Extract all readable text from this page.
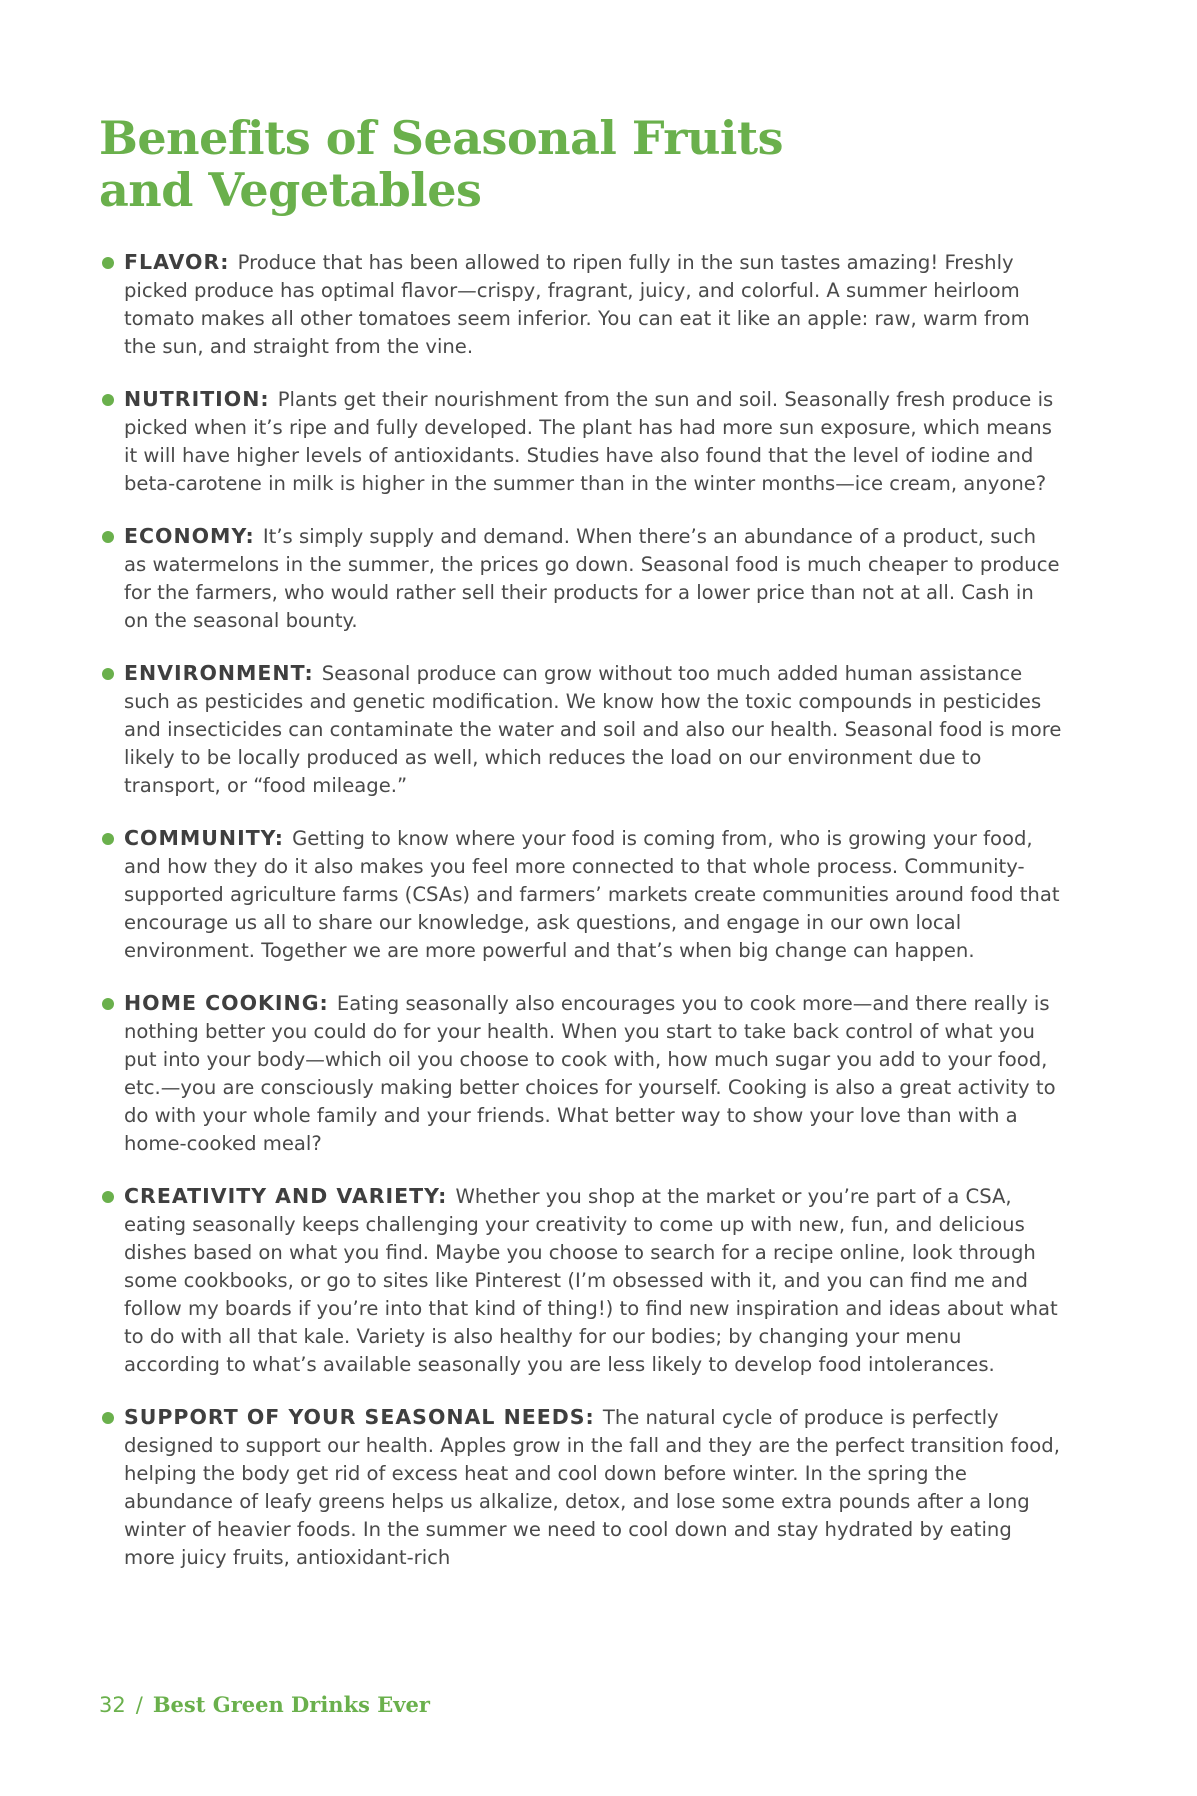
Benefits of Seasonal Fruits
and Vegetables
FLAVOR: Produce that has been allowed to ripen fully in the sun tastes amazing! Freshly picked produce has optimal flavor—crispy, fragrant, juicy, and colorful. A summer heirloom tomato makes all other tomatoes seem inferior. You can eat it like an apple: raw, warm from the sun, and straight from the vine.
NUTRITION: Plants get their nourishment from the sun and soil. Seasonally fresh produce is picked when it’s ripe and fully developed. The plant has had more sun exposure, which means it will have higher levels of antioxidants. Studies have also found that the level of iodine and beta-carotene in milk is higher in the summer than in the winter months—ice cream, anyone?
ECONOMY: It’s simply supply and demand. When there’s an abundance of a product, such as watermelons in the summer, the prices go down. Seasonal food is much cheaper to produce for the farmers, who would rather sell their products for a lower price than not at all. Cash in on the seasonal bounty.
ENVIRONMENT: Seasonal produce can grow without too much added human assistance such as pesticides and genetic modification. We know how the toxic compounds in pesticides and insecticides can contaminate the water and soil and also our health. Seasonal food is more likely to be locally produced as well, which reduces the load on our environment due to transport, or “food mileage.”
COMMUNITY: Getting to know where your food is coming from, who is growing your food, and how they do it also makes you feel more connected to that whole process. Community-supported agriculture farms (CSAs) and farmers’ markets create communities around food that encourage us all to share our knowledge, ask questions, and engage in our own local environment. Together we are more powerful and that’s when big change can happen.
HOME COOKING: Eating seasonally also encourages you to cook more—and there really is nothing better you could do for your health. When you start to take back control of what you put into your body—which oil you choose to cook with, how much sugar you add to your food, etc.—you are consciously making better choices for yourself. Cooking is also a great activity to do with your whole family and your friends. What better way to show your love than with a home-cooked meal?
CREATIVITY AND VARIETY: Whether you shop at the market or you’re part of a CSA, eating seasonally keeps challenging your creativity to come up with new, fun, and delicious dishes based on what you find. Maybe you choose to search for a recipe online, look through some cookbooks, or go to sites like Pinterest (I’m obsessed with it, and you can find me and follow my boards if you’re into that kind of thing!) to find new inspiration and ideas about what to do with all that kale. Variety is also healthy for our bodies; by changing your menu according to what’s available seasonally you are less likely to develop food intolerances.
SUPPORT OF YOUR SEASONAL NEEDS: The natural cycle of produce is perfectly designed to support our health. Apples grow in the fall and they are the perfect transition food, helping the body get rid of excess heat and cool down before winter. In the spring the abundance of leafy greens helps us alkalize, detox, and lose some extra pounds after a long winter of heavier foods. In the summer we need to cool down and stay hydrated by eating more juicy fruits, antioxidant-rich
32 / Best Green Drinks Ever
